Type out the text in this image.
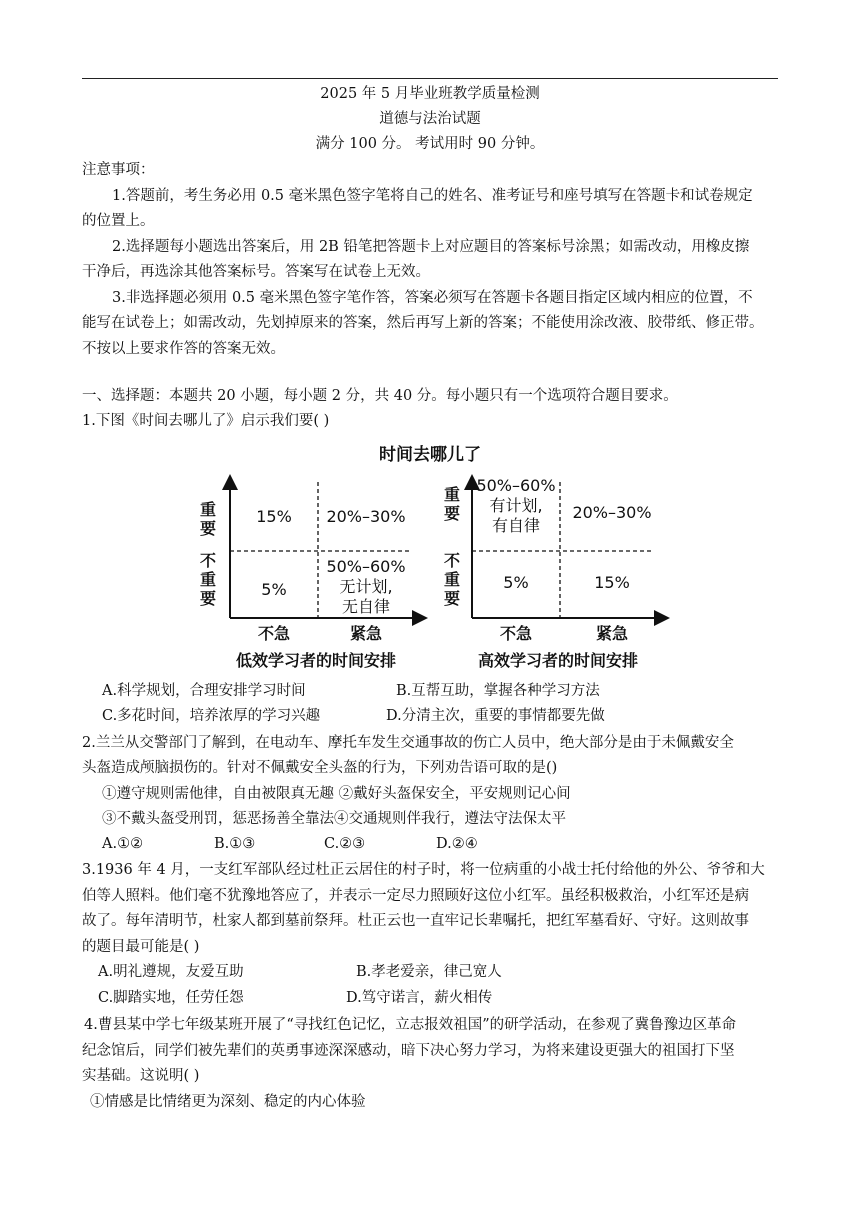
2025 年 5 月毕业班教学质量检测
道德与法治试题
满分 100 分。 考试用时 90 分钟。
注意事项：
1.答题前，考生务必用 0.5 毫米黑色签字笔将自己的姓名、准考证号和座号填写在答题卡和试卷规定
的位置上。
2.选择题每小题选出答案后，用 2B 铅笔把答题卡上对应题目的答案标号涂黑；如需改动，用橡皮擦
干净后，再选涂其他答案标号。答案写在试卷上无效。
3.非选择题必须用 0.5 毫米黑色签字笔作答，答案必须写在答题卡各题目指定区域内相应的位置，不
能写在试卷上；如需改动，先划掉原来的答案，然后再写上新的答案；不能使用涂改液、胶带纸、修正带。
不按以上要求作答的答案无效。
一、选择题：本题共 20 小题，每小题 2 分，共 40 分。每小题只有一个选项符合题目要求。
1.下图《时间去哪儿了》启示我们要( )
时间去哪儿了
重要
不重要
15% 20%–30%
5%
50%–60%
无计划,
无自律
不急	紧急
低效学习者的时间安排
重要
不重要
50%–60%
有计划,
有自律
20%–30%
5%	15%
不急	紧急
高效学习者的时间安排
A.科学规划，合理安排学习时间	B.互帮互助，掌握各种学习方法
C.多花时间，培养浓厚的学习兴趣	D.分清主次，重要的事情都要先做
2.兰兰从交警部门了解到，在电动车、摩托车发生交通事故的伤亡人员中，绝大部分是由于未佩戴安全
头盔造成颅脑损伤的。针对不佩戴安全头盔的行为，下列劝告语可取的是()
①遵守规则需他律，自由被限真无趣 ②戴好头盔保安全，平安规则记心间
③不戴头盔受刑罚，惩恶扬善全靠法④交通规则伴我行，遵法守法保太平
A.①②	B.①③	C.②③	D.②④
3.1936 年 4 月，一支红军部队经过杜正云居住的村子时，将一位病重的小战士托付给他的外公、爷爷和大
伯等人照料。他们毫不犹豫地答应了，并表示一定尽力照顾好这位小红军。虽经积极救治，小红军还是病
故了。每年清明节，杜家人都到墓前祭拜。杜正云也一直牢记长辈嘱托，把红军墓看好、守好。这则故事
的题目最可能是( )
A.明礼遵规，友爱互助	B.孝老爱亲，律己宽人
C.脚踏实地，任劳任怨	D.笃守诺言，薪火相传
4.曹县某中学七年级某班开展了“寻找红色记忆，立志报效祖国”的研学活动，在参观了冀鲁豫边区革命
纪念馆后，同学们被先辈们的英勇事迹深深感动，暗下决心努力学习，为将来建设更强大的祖国打下坚
实基础。这说明( )
①情感是比情绪更为深刻、稳定的内心体验
